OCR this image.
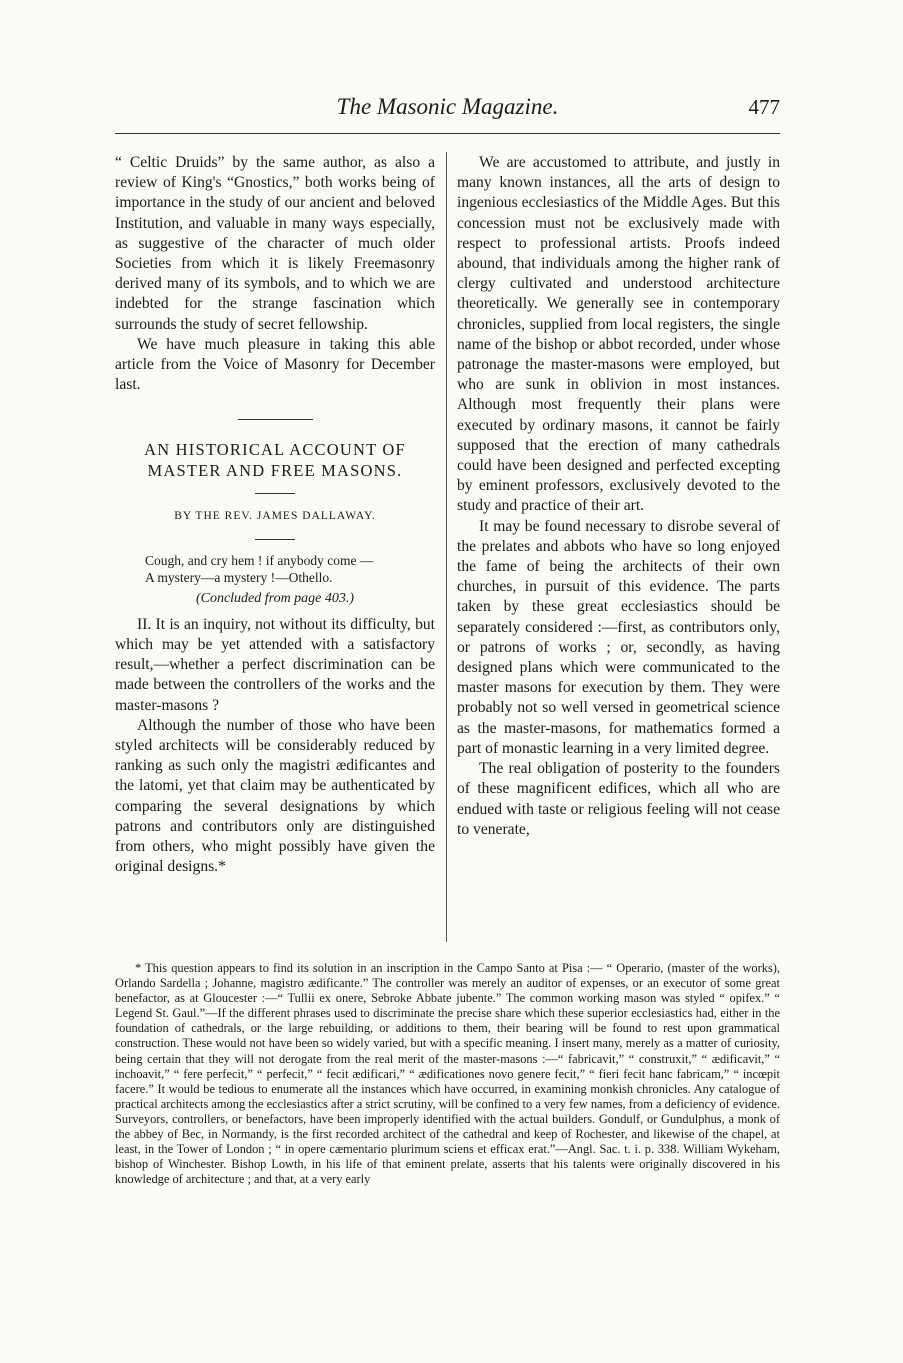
The Masonic Magazine.	477

“ Celtic Druids” by the same author, as also a review of King's “Gnostics,” both works being of importance in the study of our ancient and beloved Institution, and valuable in many ways especially, as suggestive of the character of much older Societies from which it is likely Freemasonry derived many of its symbols, and to which we are indebted for the strange fascination which surrounds the study of secret fellowship.

We have much pleasure in taking this able article from the Voice of Masonry for December last.

AN HISTORICAL ACCOUNT OF MASTER AND FREE MASONS.
BY THE REV. JAMES DALLAWAY.

Cough, and cry hem ! if anybody come —

A mystery—a mystery !—Othello.

(Concluded from page 403.)

II. It is an inquiry, not without its difficulty, but which may be yet attended with a satisfactory result,—whether a perfect discrimination can be made between the controllers of the works and the master-masons ?

Although the number of those who have been styled architects will be considerably reduced by ranking as such only the magistri ædificantes and the latomi, yet that claim may be authenticated by comparing the several designations by which patrons and contributors only are distinguished from others, who might possibly have given the original designs.*

We are accustomed to attribute, and justly in many known instances, all the arts of design to ingenious ecclesiastics of the Middle Ages. But this concession must not be exclusively made with respect to professional artists. Proofs indeed abound, that individuals among the higher rank of clergy cultivated and understood architecture theoretically. We generally see in contemporary chronicles, supplied from local registers, the single name of the bishop or abbot recorded, under whose patronage the master-masons were employed, but who are sunk in oblivion in most instances. Although most frequently their plans were executed by ordinary masons, it cannot be fairly supposed that the erection of many cathedrals could have been designed and perfected excepting by eminent professors, exclusively devoted to the study and practice of their art.

It may be found necessary to disrobe several of the prelates and abbots who have so long enjoyed the fame of being the architects of their own churches, in pursuit of this evidence. The parts taken by these great ecclesiastics should be separately considered :—first, as contributors only, or patrons of works ; or, secondly, as having designed plans which were communicated to the master masons for execution by them. They were probably not so well versed in geometrical science as the master-masons, for mathematics formed a part of monastic learning in a very limited degree.

The real obligation of posterity to the founders of these magnificent edifices, which all who are endued with taste or religious feeling will not cease to venerate,

* This question appears to find its solution in an inscription in the Campo Santo at Pisa :— “ Operario, (master of the works), Orlando Sardella ; Johanne, magistro ædificante.” The controller was merely an auditor of expenses, or an executor of some great benefactor, as at Gloucester :—“ Tullii ex onere, Sebroke Abbate jubente.” The common working mason was styled “ opifex.” “ Legend St. Gaul.”—If the different phrases used to discriminate the precise share which these superior ecclesiastics had, either in the foundation of cathedrals, or the large rebuilding, or additions to them, their bearing will be found to rest upon grammatical construction. These would not have been so widely varied, but with a specific meaning. I insert many, merely as a matter of curiosity, being certain that they will not derogate from the real merit of the master-masons :—“ fabricavit,” “ construxit,” “ ædificavit,” “ inchoavit,” “ fere perfecit,” “ perfecit,” “ fecit ædificari,” “ ædificationes novo genere fecit,” “ fieri fecit hanc fabricam,” “ incœpit facere.” It would be tedious to enumerate all the instances which have occurred, in examining monkish chronicles. Any catalogue of practical architects among the ecclesiastics after a strict scrutiny, will be confined to a very few names, from a deficiency of evidence. Surveyors, controllers, or benefactors, have been improperly identified with the actual builders. Gondulf, or Gundulphus, a monk of the abbey of Bec, in Normandy, is the first recorded architect of the cathedral and keep of Rochester, and likewise of the chapel, at least, in the Tower of London ; “ in opere cæmentario plurimum sciens et efficax erat.”—Angl. Sac. t. i. p. 338. William Wykeham, bishop of Winchester. Bishop Lowth, in his life of that eminent prelate, asserts that his talents were originally discovered in his knowledge of architecture ; and that, at a very early
